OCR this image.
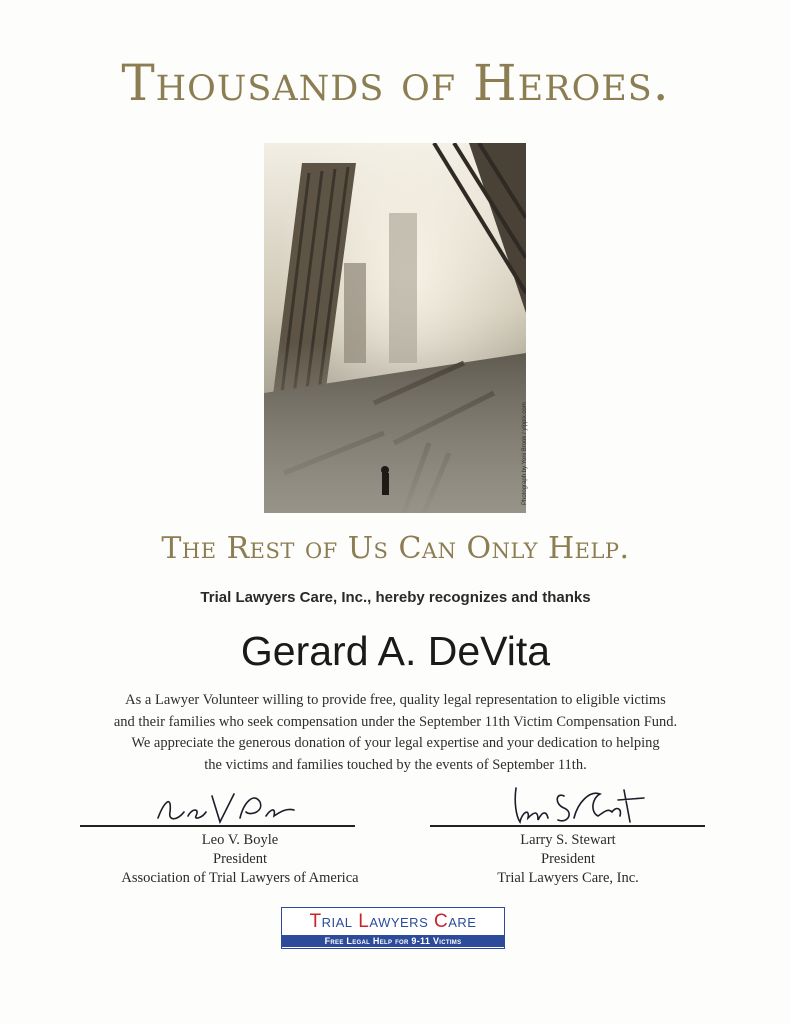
Thousands of Heroes.
Photograph by Yoni Brook / ylppix.com
The Rest of Us Can Only Help.
Trial Lawyers Care, Inc., hereby recognizes and thanks
Gerard A. DeVita
As a Lawyer Volunteer willing to provide free, quality legal representation to eligible victims
and their families who seek compensation under the September 11th Victim Compensation Fund.
We appreciate the generous donation of your legal expertise and your dedication to helping
the victims and families touched by the events of September 11th.
Leo V. Boyle
President
Association of Trial Lawyers of America
Larry S. Stewart
President
Trial Lawyers Care, Inc.
Trial Lawyers Care
Free Legal Help for 9-11 Victims
